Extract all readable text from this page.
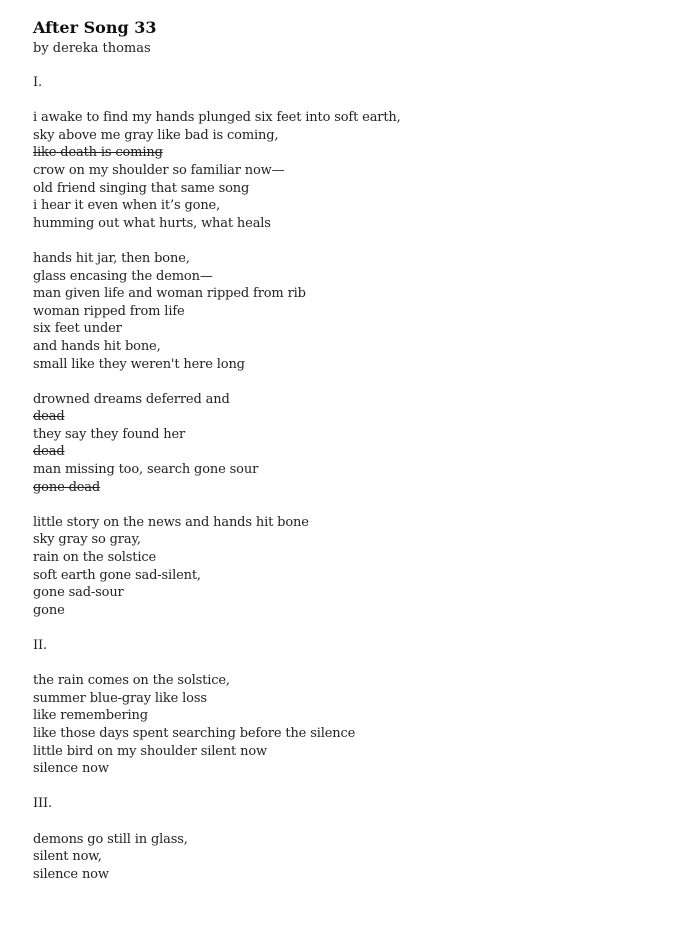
After Song 33

by dereka thomas

I.
i awake to find my hands plunged six feet into soft earth,
sky above me gray like bad is coming,
like death is coming
crow on my shoulder so familiar now—
old friend singing that same song
i hear it even when it’s gone,
humming out what hurts, what heals
hands hit jar, then bone,
glass encasing the demon—
man given life and woman ripped from rib
woman ripped from life
six feet under
and hands hit bone,
small like they weren't here long
drowned dreams deferred and
dead
they say they found her
dead
man missing too, search gone sour
gone dead
little story on the news and hands hit bone
sky gray so gray,
rain on the solstice
soft earth gone sad-silent,
gone sad-sour
gone
II.
the rain comes on the solstice,
summer blue-gray like loss
like remembering
like those days spent searching before the silence
little bird on my shoulder silent now
silence now
III.
demons go still in glass,
silent now,
silence now
